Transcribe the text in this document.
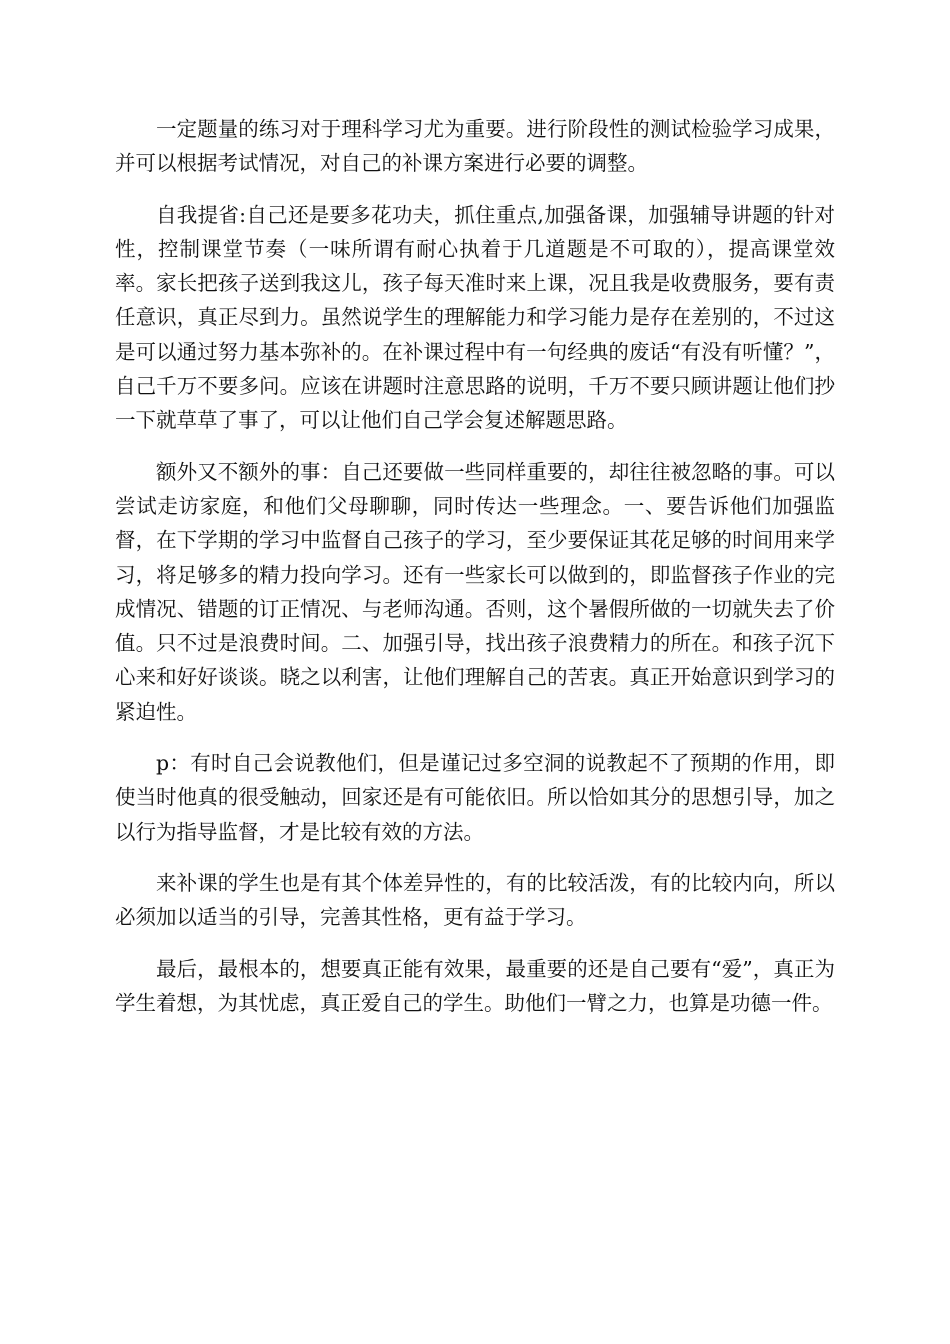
一定题量的练习对于理科学习尤为重要。进行阶段性的测试检验学习成果，并可以根据考试情况，对自己的补课方案进行必要的调整。

自我提省:自己还是要多花功夫，抓住重点,加强备课，加强辅导讲题的针对性，控制课堂节奏（一味所谓有耐心执着于几道题是不可取的），提高课堂效率。家长把孩子送到我这儿，孩子每天准时来上课，况且我是收费服务，要有责任意识，真正尽到力。虽然说学生的理解能力和学习能力是存在差别的，不过这是可以通过努力基本弥补的。在补课过程中有一句经典的废话“有没有听懂？”，自己千万不要多问。应该在讲题时注意思路的说明，千万不要只顾讲题让他们抄一下就草草了事了，可以让他们自己学会复述解题思路。

额外又不额外的事：自己还要做一些同样重要的，却往往被忽略的事。可以尝试走访家庭，和他们父母聊聊，同时传达一些理念。一、要告诉他们加强监督，在下学期的学习中监督自己孩子的学习，至少要保证其花足够的时间用来学习，将足够多的精力投向学习。还有一些家长可以做到的，即监督孩子作业的完成情况、错题的订正情况、与老师沟通。否则，这个暑假所做的一切就失去了价值。只不过是浪费时间。二、加强引导，找出孩子浪费精力的所在。和孩子沉下心来和好好谈谈。晓之以利害，让他们理解自己的苦衷。真正开始意识到学习的紧迫性。

p：有时自己会说教他们，但是谨记过多空洞的说教起不了预期的作用，即使当时他真的很受触动，回家还是有可能依旧。所以恰如其分的思想引导，加之以行为指导监督，才是比较有效的方法。

来补课的学生也是有其个体差异性的，有的比较活泼，有的比较内向，所以必须加以适当的引导，完善其性格，更有益于学习。

最后，最根本的，想要真正能有效果，最重要的还是自己要有“爱”，真正为学生着想，为其忧虑，真正爱自己的学生。助他们一臂之力，也算是功德一件。
